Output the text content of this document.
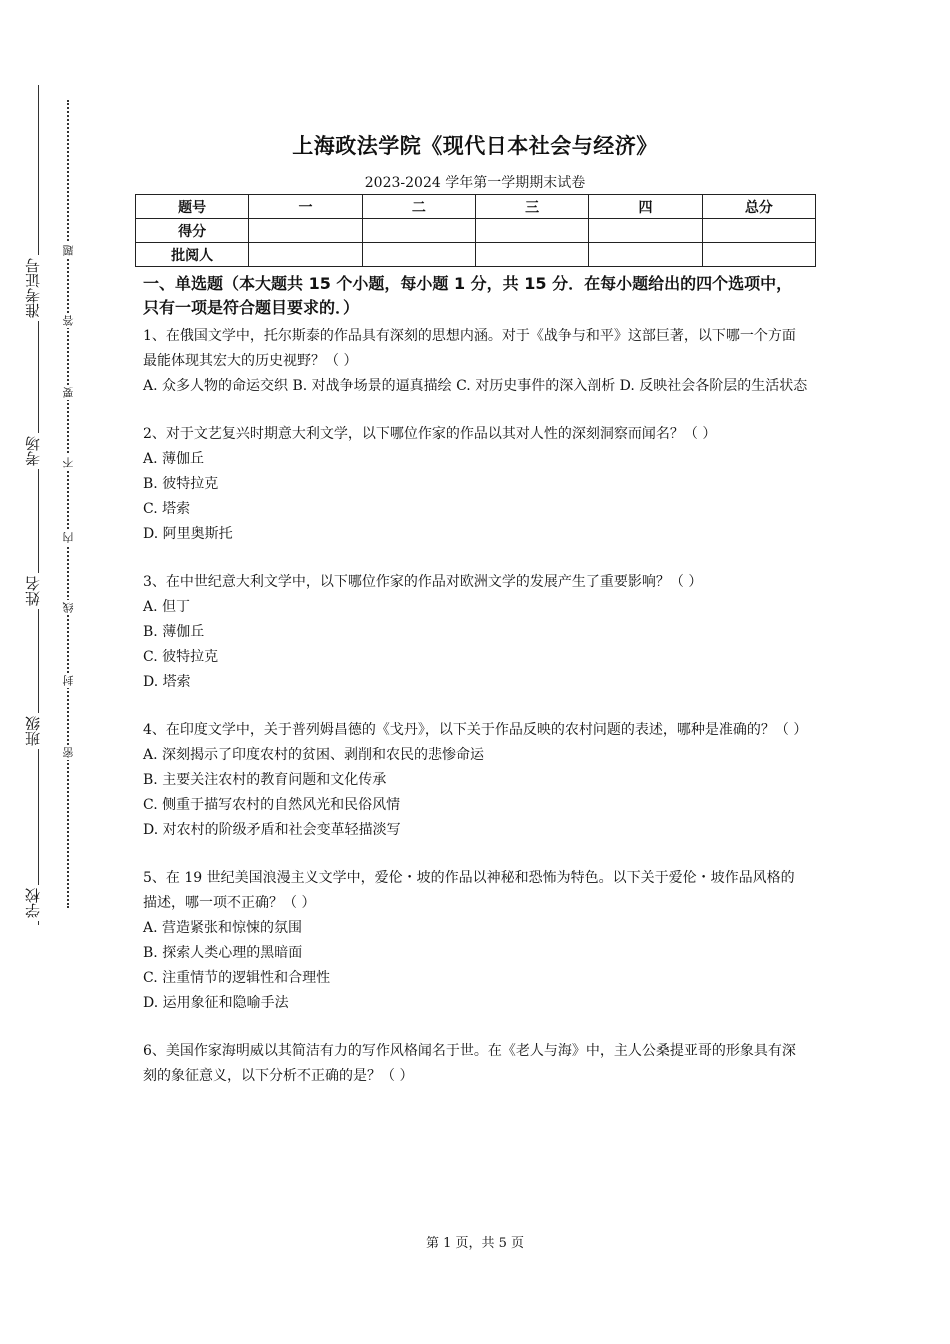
准考证号
考场
姓名
班级
学校
题
答
要
不
内
线
封
密
上海政法学院《现代日本社会与经济》
2023-2024 学年第一学期期末试卷
题号	一	二	三	四	总分
得分					
批阅人					

一、单选题（本大题共 15 个小题，每小题 1 分，共 15 分．在每小题给出的四个选项中，只有一项是符合题目要求的．）

1、在俄国文学中，托尔斯泰的作品具有深刻的思想内涵。对于《战争与和平》这部巨著，以下哪一个方面最能体现其宏大的历史视野？（ ）

A. 众多人物的命运交织 B. 对战争场景的逼真描绘 C. 对历史事件的深入剖析 D. 反映社会各阶层的生活状态

2、对于文艺复兴时期意大利文学，以下哪位作家的作品以其对人性的深刻洞察而闻名？（ ）

A. 薄伽丘

B. 彼特拉克

C. 塔索

D. 阿里奥斯托

3、在中世纪意大利文学中，以下哪位作家的作品对欧洲文学的发展产生了重要影响？（ ）

A. 但丁

B. 薄伽丘

C. 彼特拉克

D. 塔索

4、在印度文学中，关于普列姆昌德的《戈丹》，以下关于作品反映的农村问题的表述，哪种是准确的？（ ）

A. 深刻揭示了印度农村的贫困、剥削和农民的悲惨命运

B. 主要关注农村的教育问题和文化传承

C. 侧重于描写农村的自然风光和民俗风情

D. 对农村的阶级矛盾和社会变革轻描淡写

5、在 19 世纪美国浪漫主义文学中，爱伦・坡的作品以神秘和恐怖为特色。以下关于爱伦・坡作品风格的描述，哪一项不正确？（ ）

A. 营造紧张和惊悚的氛围

B. 探索人类心理的黑暗面

C. 注重情节的逻辑性和合理性

D. 运用象征和隐喻手法

6、美国作家海明威以其简洁有力的写作风格闻名于世。在《老人与海》中，主人公桑提亚哥的形象具有深刻的象征意义，以下分析不正确的是？（ ）

第 1 页，共 5 页
